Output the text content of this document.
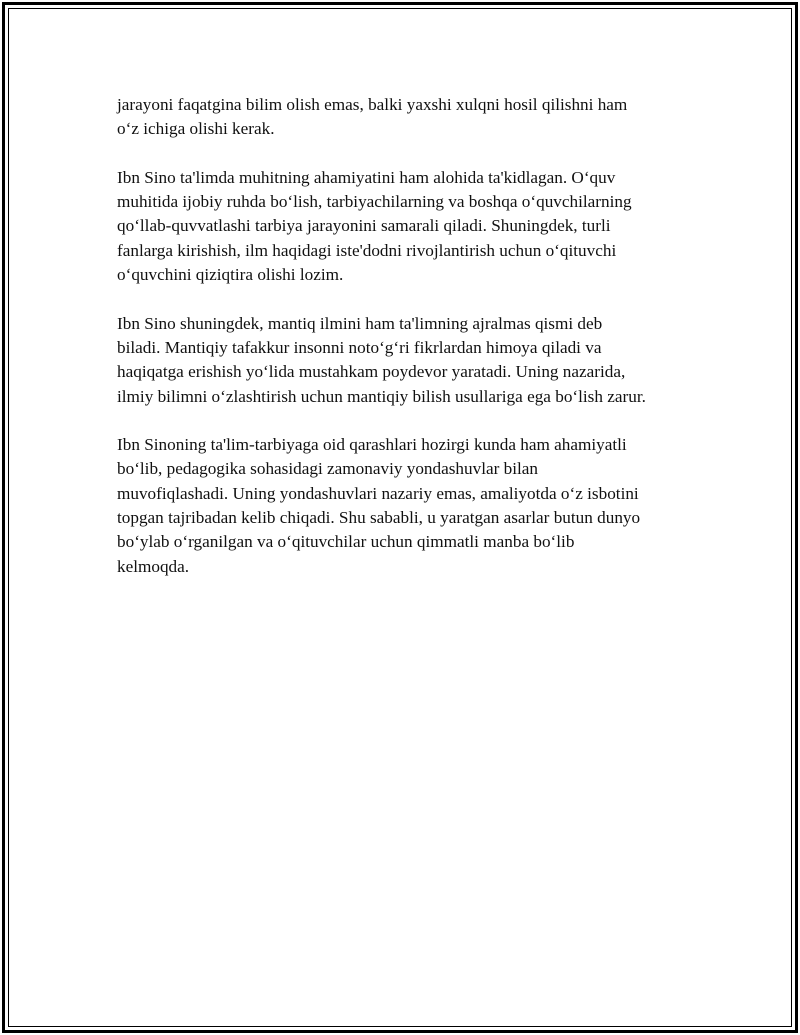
jarayoni faqatgina bilim olish emas, balki yaxshi xulqni hosil qilishni ham
o‘z ichiga olishi kerak.

Ibn Sino ta'limda muhitning ahamiyatini ham alohida ta'kidlagan. O‘quv
muhitida ijobiy ruhda bo‘lish, tarbiyachilarning va boshqa o‘quvchilarning
qo‘llab-quvvatlashi tarbiya jarayonini samarali qiladi. Shuningdek, turli
fanlarga kirishish, ilm haqidagi iste'dodni rivojlantirish uchun o‘qituvchi
o‘quvchini qiziqtira olishi lozim.

Ibn Sino shuningdek, mantiq ilmini ham ta'limning ajralmas qismi deb
biladi. Mantiqiy tafakkur insonni noto‘g‘ri fikrlardan himoya qiladi va
haqiqatga erishish yo‘lida mustahkam poydevor yaratadi. Uning nazarida,
ilmiy bilimni o‘zlashtirish uchun mantiqiy bilish usullariga ega bo‘lish zarur.

Ibn Sinoning ta'lim-tarbiyaga oid qarashlari hozirgi kunda ham ahamiyatli
bo‘lib, pedagogika sohasidagi zamonaviy yondashuvlar bilan
muvofiqlashadi. Uning yondashuvlari nazariy emas, amaliyotda o‘z isbotini
topgan tajribadan kelib chiqadi. Shu sababli, u yaratgan asarlar butun dunyo
bo‘ylab o‘rganilgan va o‘qituvchilar uchun qimmatli manba bo‘lib
kelmoqda.
